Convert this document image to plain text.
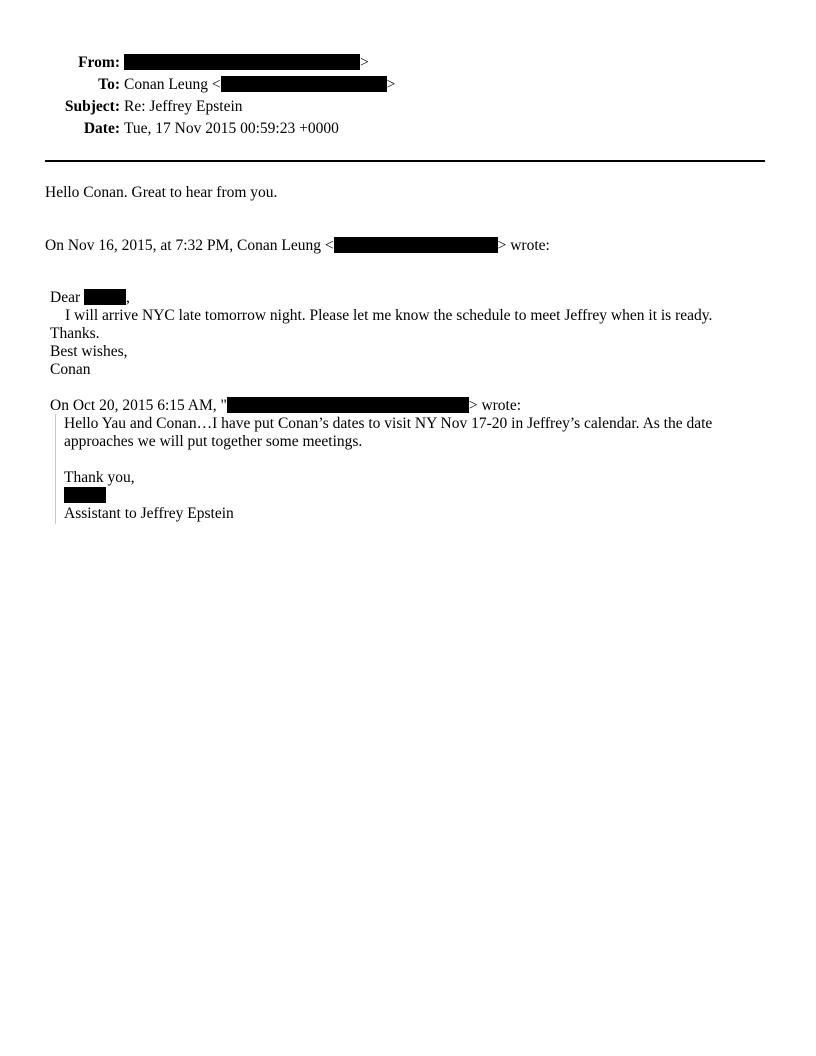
From:	>
To: Conan Leung <	>
Subject: Re: Jeffrey Epstein
Date: Tue, 17 Nov 2015 00:59:23 +0000
Hello Conan. Great to hear from you.
On Nov 16, 2015, at 7:32 PM, Conan Leung <	> wrote:
Dear	,
I will arrive NYC late tomorrow night. Please let me know the schedule to meet Jeffrey when it is ready.
Thanks.
Best wishes,
Conan
On Oct 20, 2015 6:15 AM, "	> wrote:
Hello Yau and Conan…I have put Conan’s dates to visit NY Nov 17-20 in Jeffrey’s calendar. As the date
approaches we will put together some meetings.
Thank you,
Assistant to Jeffrey Epstein
